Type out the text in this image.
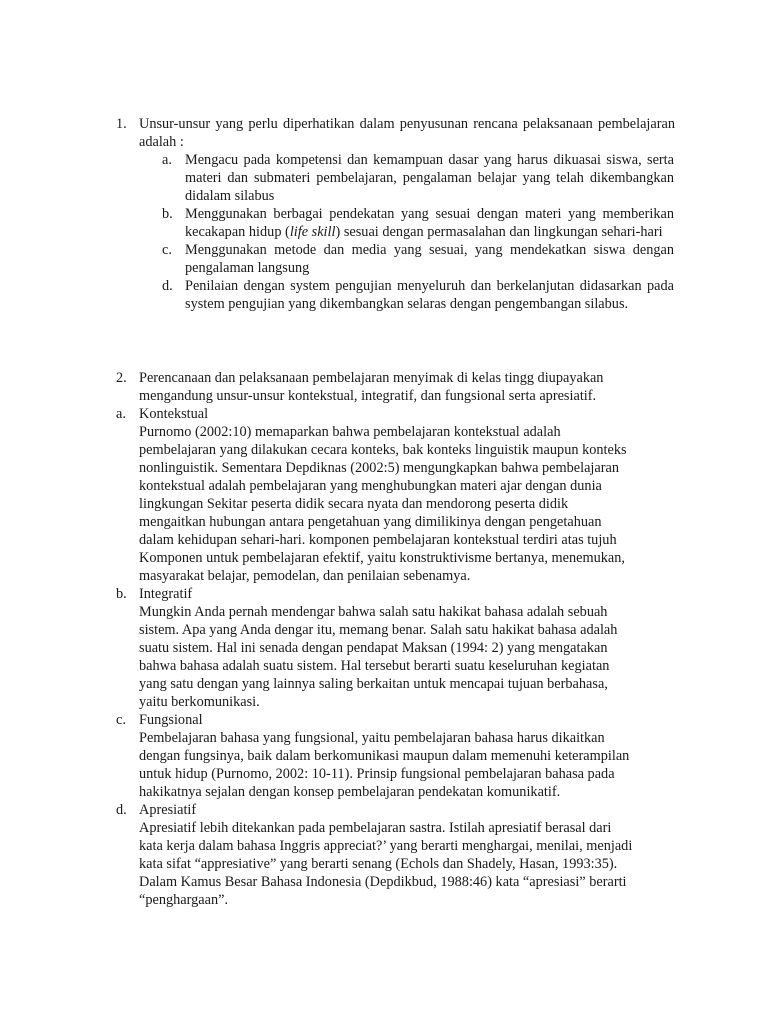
1. Unsur-unsur yang perlu diperhatikan dalam penyusunan rencana pelaksanaan pembelajaran adalah :
a. Mengacu pada kompetensi dan kemampuan dasar yang harus dikuasai siswa, serta materi dan submateri pembelajaran, pengalaman belajar yang telah dikembangkan didalam silabus
b. Menggunakan berbagai pendekatan yang sesuai dengan materi yang memberikan kecakapan hidup (life skill) sesuai dengan permasalahan dan lingkungan sehari-hari
c. Menggunakan metode dan media yang sesuai, yang mendekatkan siswa dengan pengalaman langsung
d. Penilaian dengan system pengujian menyeluruh dan berkelanjutan didasarkan pada system pengujian yang dikembangkan selaras dengan pengembangan silabus.
2. Perencanaan dan pelaksanaan pembelajaran menyimak di kelas tingg diupayakan
mengandung unsur-unsur kontekstual, integratif, dan fungsional serta apresiatif.
a. Kontekstual
Purnomo (2002:10) memaparkan bahwa pembelajaran kontekstual adalah
pembelajaran yang dilakukan cecara konteks, bak konteks linguistik maupun konteks
nonlinguistik. Sementara Depdiknas (2002:5) mengungkapkan bahwa pembelajaran
kontekstual adalah pembelajaran yang menghubungkan materi ajar dengan dunia
lingkungan Sekitar peserta didik secara nyata dan mendorong peserta didik
mengaitkan hubungan antara pengetahuan yang dimilikinya dengan pengetahuan
dalam kehidupan sehari-hari. komponen pembelajaran kontekstual terdiri atas tujuh
Komponen untuk pembelajaran efektif, yaitu konstruktivisme bertanya, menemukan,
masyarakat belajar, pemodelan, dan penilaian sebenamya.
b. Integratif
Mungkin Anda pernah mendengar bahwa salah satu hakikat bahasa adalah sebuah
sistem. Apa yang Anda dengar itu, memang benar. Salah satu hakikat bahasa adalah
suatu sistem. Hal ini senada dengan pendapat Maksan (1994: 2) yang mengatakan
bahwa bahasa adalah suatu sistem. Hal tersebut berarti suatu keseluruhan kegiatan
yang satu dengan yang lainnya saling berkaitan untuk mencapai tujuan berbahasa,
yaitu berkomunikasi.
c. Fungsional
Pembelajaran bahasa yang fungsional, yaitu pembelajaran bahasa harus dikaitkan
dengan fungsinya, baik dalam berkomunikasi maupun dalam memenuhi keterampilan
untuk hidup (Purnomo, 2002: 10-11). Prinsip fungsional pembelajaran bahasa pada
hakikatnya sejalan dengan konsep pembelajaran pendekatan komunikatif.
d. Apresiatif
Apresiatif lebih ditekankan pada pembelajaran sastra. Istilah apresiatif berasal dari
kata kerja dalam bahasa Inggris appreciat?’ yang berarti menghargai, menilai, menjadi
kata sifat “appresiative” yang berarti senang (Echols dan Shadely, Hasan, 1993:35).
Dalam Kamus Besar Bahasa Indonesia (Depdikbud, 1988:46) kata “apresiasi” berarti
“penghargaan”.
